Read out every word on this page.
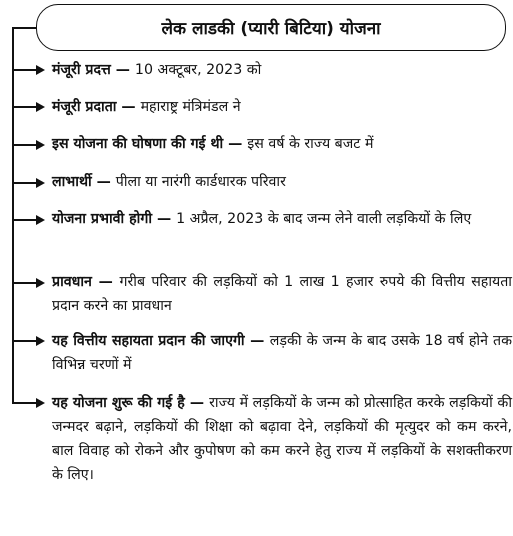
लेक लाडकी (प्यारी बिटिया) योजना
मंजूरी प्रदत्त — 10 अक्टूबर, 2023 को
मंजूरी प्रदाता — महाराष्ट्र मंत्रिमंडल ने
इस योजना की घोषणा की गई थी — इस वर्ष के राज्य बजट में
लाभार्थी — पीला या नारंगी कार्डधारक परिवार
योजना प्रभावी होगी — 1 अप्रैल, 2023 के बाद जन्म लेने वाली लड़कियों के लिए
प्रावधान — गरीब परिवार की लड़कियों को 1 लाख 1 हजार रुपये की वित्तीय सहायता प्रदान करने का प्रावधान
यह वित्तीय सहायता प्रदान की जाएगी — लड़की के जन्म के बाद उसके 18 वर्ष होने तक विभिन्न चरणों में
यह योजना शुरू की गई है — राज्य में लड़कियों के जन्म को प्रोत्साहित करके लड़कियों की जन्मदर बढ़ाने, लड़कियों की शिक्षा को बढ़ावा देने, लड़कियों की मृत्युदर को कम करने, बाल विवाह को रोकने और कुपोषण को कम करने हेतु राज्य में लड़कियों के सशक्तीकरण के लिए।
